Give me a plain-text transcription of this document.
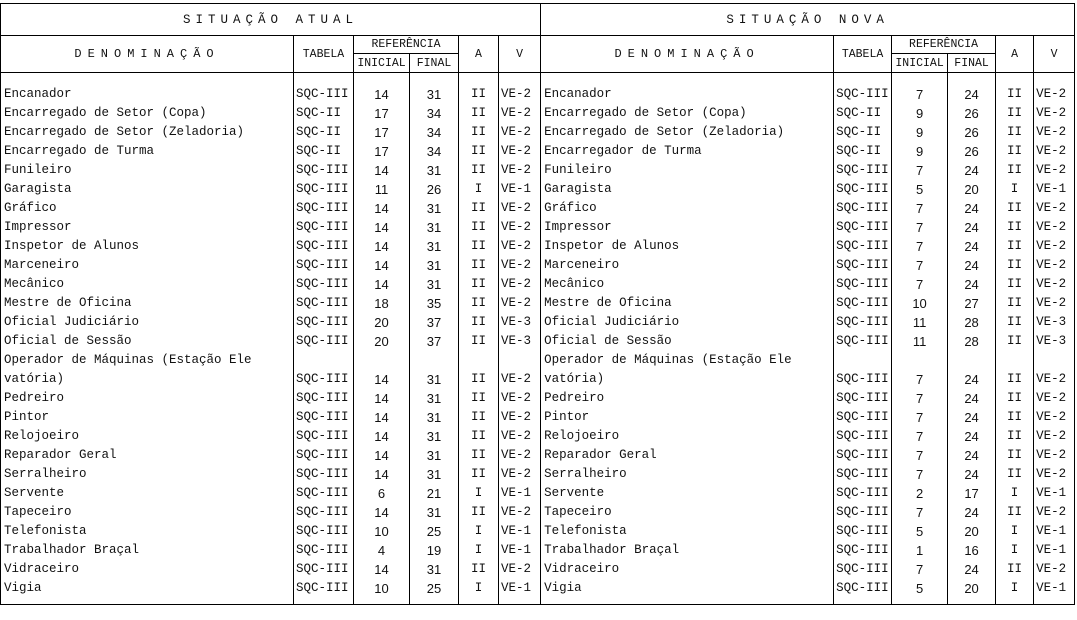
SITUAÇÃO ATUAL						SITUAÇÃO NOVA					
DENOMINAÇÃO	TABELA	REFERÊNCIA		A	V	DENOMINAÇÃO	TABELA	REFERÊNCIA		A	V
		INICIAL	FINAL					INICIAL	FINAL		

Encanador	SQC-III	14	31	II	VE-2	Encanador	SQC-III	7	24	II	VE-2
Encarregado de Setor (Copa)	SQC-II	17	34	II	VE-2	Encarregado de Setor (Copa)	SQC-II	9	26	II	VE-2
Encarregado de Setor (Zeladoria)	SQC-II	17	34	II	VE-2	Encarregado de Setor (Zeladoria)	SQC-II	9	26	II	VE-2
Encarregado de Turma	SQC-II	17	34	II	VE-2	Encarregador de Turma	SQC-II	9	26	II	VE-2
Funileiro	SQC-III	14	31	II	VE-2	Funileiro	SQC-III	7	24	II	VE-2
Garagista	SQC-III	11	26	I	VE-1	Garagista	SQC-III	5	20	I	VE-1
Gráfico	SQC-III	14	31	II	VE-2	Gráfico	SQC-III	7	24	II	VE-2
Impressor	SQC-III	14	31	II	VE-2	Impressor	SQC-III	7	24	II	VE-2
Inspetor de Alunos	SQC-III	14	31	II	VE-2	Inspetor de Alunos	SQC-III	7	24	II	VE-2
Marceneiro	SQC-III	14	31	II	VE-2	Marceneiro	SQC-III	7	24	II	VE-2
Mecânico	SQC-III	14	31	II	VE-2	Mecânico	SQC-III	7	24	II	VE-2
Mestre de Oficina	SQC-III	18	35	II	VE-2	Mestre de Oficina	SQC-III	10	27	II	VE-2
Oficial Judiciário	SQC-III	20	37	II	VE-3	Oficial Judiciário	SQC-III	11	28	II	VE-3
Oficial de Sessão	SQC-III	20	37	II	VE-3	Oficial de Sessão	SQC-III	11	28	II	VE-3
Operador de Máquinas (Estação Ele						Operador de Máquinas (Estação Ele					
vatória)	SQC-III	14	31	II	VE-2	vatória)	SQC-III	7	24	II	VE-2
Pedreiro	SQC-III	14	31	II	VE-2	Pedreiro	SQC-III	7	24	II	VE-2
Pintor	SQC-III	14	31	II	VE-2	Pintor	SQC-III	7	24	II	VE-2
Relojoeiro	SQC-III	14	31	II	VE-2	Relojoeiro	SQC-III	7	24	II	VE-2
Reparador Geral	SQC-III	14	31	II	VE-2	Reparador Geral	SQC-III	7	24	II	VE-2
Serralheiro	SQC-III	14	31	II	VE-2	Serralheiro	SQC-III	7	24	II	VE-2
Servente	SQC-III	6	21	I	VE-1	Servente	SQC-III	2	17	I	VE-1
Tapeceiro	SQC-III	14	31	II	VE-2	Tapeceiro	SQC-III	7	24	II	VE-2
Telefonista	SQC-III	10	25	I	VE-1	Telefonista	SQC-III	5	20	I	VE-1
Trabalhador Braçal	SQC-III	4	19	I	VE-1	Trabalhador Braçal	SQC-III	1	16	I	VE-1
Vidraceiro	SQC-III	14	31	II	VE-2	Vidraceiro	SQC-III	7	24	II	VE-2
Vigia	SQC-III	10	25	I	VE-1	Vigia	SQC-III	5	20	I	VE-1
